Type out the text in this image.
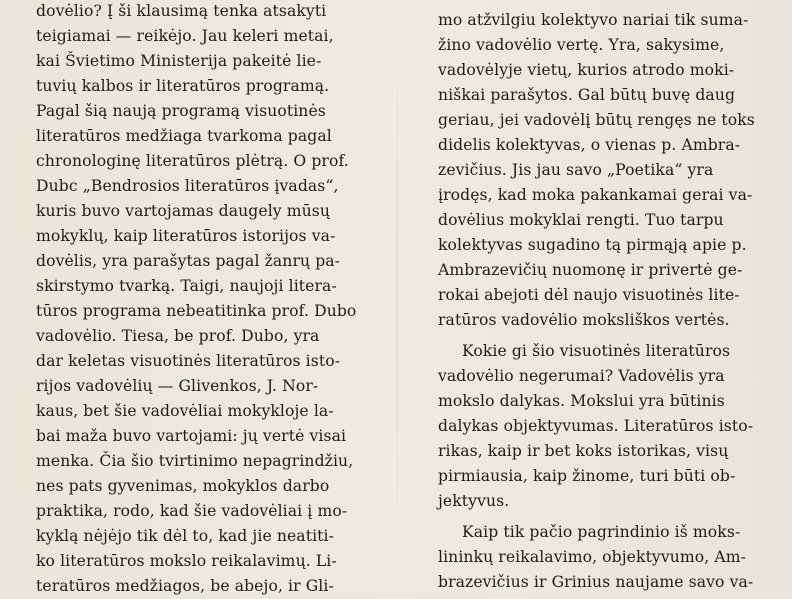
dovėlio? Į ši klausimą tenka atsakyti
teigiamai — reikėjo. Jau keleri metai,
kai Švietimo Ministerija pakeitė lie-
tuvių kalbos ir literatūros programą.
Pagal šią naują programą visuotinės
literatūros medžiaga tvarkoma pagal
chronologinę literatūros plėtrą. O prof.
Dubc „Bendrosios literatūros įvadas“,
kuris buvo vartojamas daugely mūsų
mokyklų, kaip literatūros istorijos va-
dovėlis, yra parašytas pagal žanrų pa-
skirstymo tvarką. Taigi, naujoji litera-
tūros programa nebeatitinka prof. Dubo
vadovėlio. Tiesa, be prof. Dubo, yra
dar keletas visuotinės literatūros isto-
rijos vadovėlių — Glivenkos, J. Nor-
kaus, bet šie vadovėliai mokykloje la-
bai maža buvo vartojami: jų vertė visai
menka. Čia šio tvirtinimo nepagrindžiu,
nes pats gyvenimas, mokyklos darbo
praktika, rodo, kad šie vadovėliai į mo-
kyklą nėjėjo tik dėl to, kad jie neatiti-
ko literatūros mokslo reikalavimų. Li-
teratūros medžiagos, be abejo, ir Gli-
mo atžvilgiu kolektyvo nariai tik suma-
žino vadovėlio vertę. Yra, sakysime,
vadovėlyje vietų, kurios atrodo moki-
niškai parašytos. Gal būtų buvę daug
geriau, jei vadovėlį būtų rengęs ne toks
didelis kolektyvas, o vienas p. Ambra-
zevičius. Jis jau savo „Poetika“ yra
įrodęs, kad moka pakankamai gerai va-
dovėlius mokyklai rengti. Tuo tarpu
kolektyvas sugadino tą pirmąją apie p.
Ambrazevičių nuomonę ir privertė ge-
rokai abejoti dėl naujo visuotinės lite-
ratūros vadovėlio moksliškos vertės.
Kokie gi šio visuotinės literatūros
vadovėlio negerumai? Vadovėlis yra
mokslo dalykas. Mokslui yra būtinis
dalykas objektyvumas. Literatūros isto-
rikas, kaip ir bet koks istorikas, visų
pirmiausia, kaip žinome, turi būti ob-
jektyvus.
Kaip tik pačio pagrindinio iš moks-
lininkų reikalavimo, objektyvumo, Am-
brazevičius ir Grinius naujame savo va-
